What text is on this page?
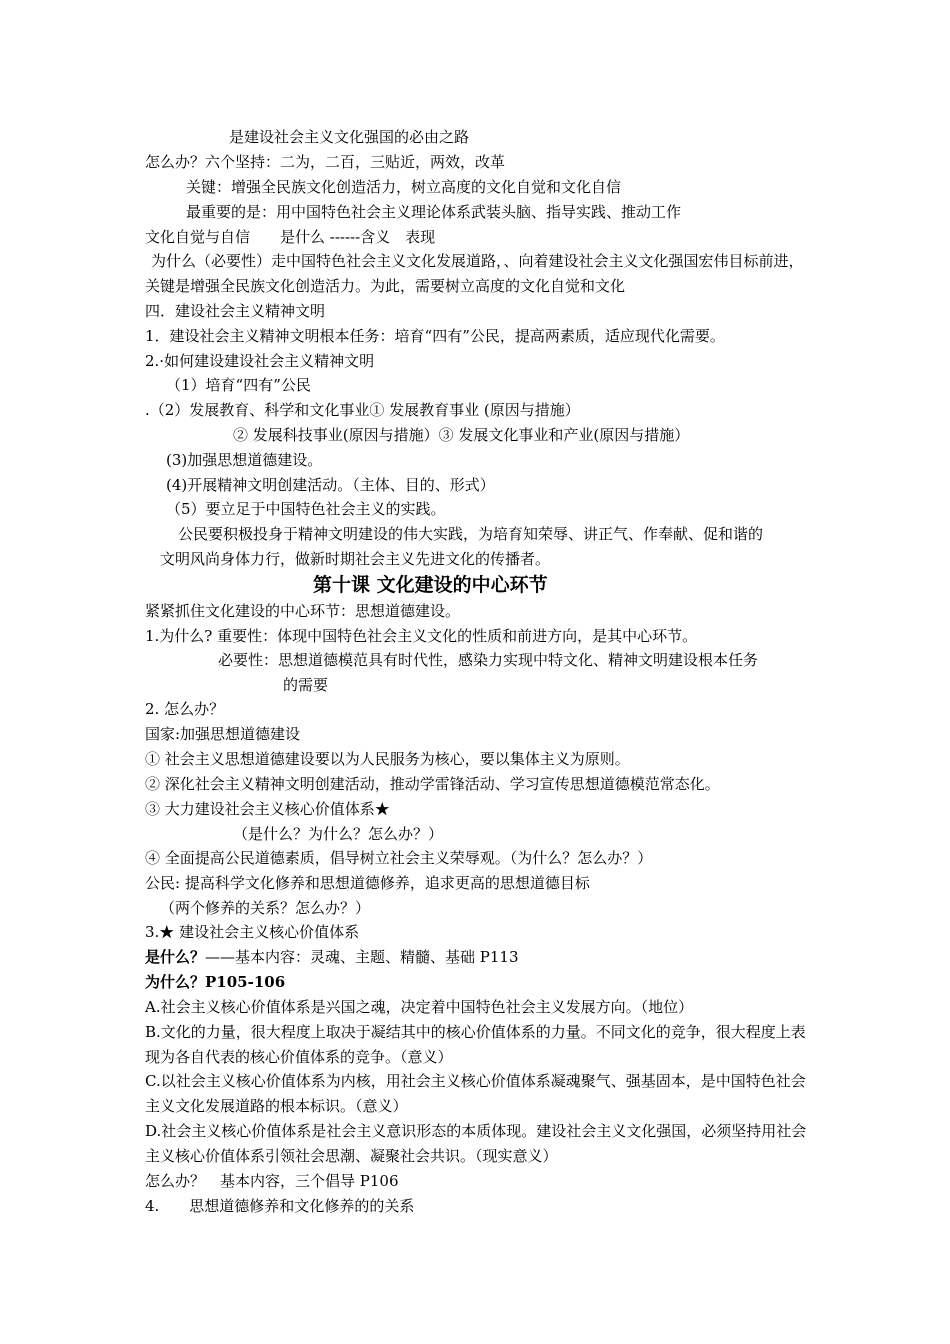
是建设社会主义文化强国的必由之路
怎么办？六个坚持：二为，二百，三贴近，两效，改革
关键：增强全民族文化创造活力，树立高度的文化自觉和文化自信
最重要的是：用中国特色社会主义理论体系武装头脑、指导实践、推动工作
文化自觉与自信　　是什么 ------含义　表现
为什么（必要性）走中国特色社会主义文化发展道路，、向着建设社会主义文化强国宏伟目标前进，关键是增强全民族文化创造活力。为此，需要树立高度的文化自觉和文化
四．建设社会主义精神文明
1．建设社会主义精神文明根本任务：培育“四有”公民，提高两素质，适应现代化需要。
2.·如何建设建设社会主义精神文明
（1）培育“四有”公民
.（2）发展教育、科学和文化事业① 发展教育事业 (原因与措施）
② 发展科技事业(原因与措施）③ 发展文化事业和产业(原因与措施）
(3)加强思想道德建设。
(4)开展精神文明创建活动。（主体、目的、形式）
（5）要立足于中国特色社会主义的实践。
公民要积极投身于精神文明建设的伟大实践，为培育知荣辱、讲正气、作奉献、促和谐的
文明风尚身体力行，做新时期社会主义先进文化的传播者。
第十课 文化建设的中心环节
紧紧抓住文化建设的中心环节：思想道德建设。
1.为什么? 重要性：体现中国特色社会主义文化的性质和前进方向，是其中心环节。
必要性：思想道德模范具有时代性，感染力实现中特文化、精神文明建设根本任务
的需要
2. 怎么办？
国家:加强思想道德建设
① 社会主义思想道德建设要以为人民服务为核心，要以集体主义为原则。
② 深化社会主义精神文明创建活动，推动学雷锋活动、学习宣传思想道德模范常态化。
③ 大力建设社会主义核心价值体系★
（是什么？为什么？怎么办？）
④ 全面提高公民道德素质，倡导树立社会主义荣辱观。（为什么？怎么办？）
公民: 提高科学文化修养和思想道德修养，追求更高的思想道德目标
（两个修养的关系？怎么办？）
3.★ 建设社会主义核心价值体系
是什么？——基本内容：灵魂、主题、精髓、基础 P113
为什么？P105-106
A.社会主义核心价值体系是兴国之魂，决定着中国特色社会主义发展方向。（地位）
B.文化的力量，很大程度上取决于凝结其中的核心价值体系的力量。不同文化的竞争，很大程度上表现为各自代表的核心价值体系的竞争。（意义）
C.以社会主义核心价值体系为内核，用社会主义核心价值体系凝魂聚气、强基固本，是中国特色社会主义文化发展道路的根本标识。（意义）
D.社会主义核心价值体系是社会主义意识形态的本质体现。建设社会主义文化强国，必须坚持用社会主义核心价值体系引领社会思潮、凝聚社会共识。（现实意义）
怎么办？　基本内容，三个倡导 P106
4.　　思想道德修养和文化修养的的关系
